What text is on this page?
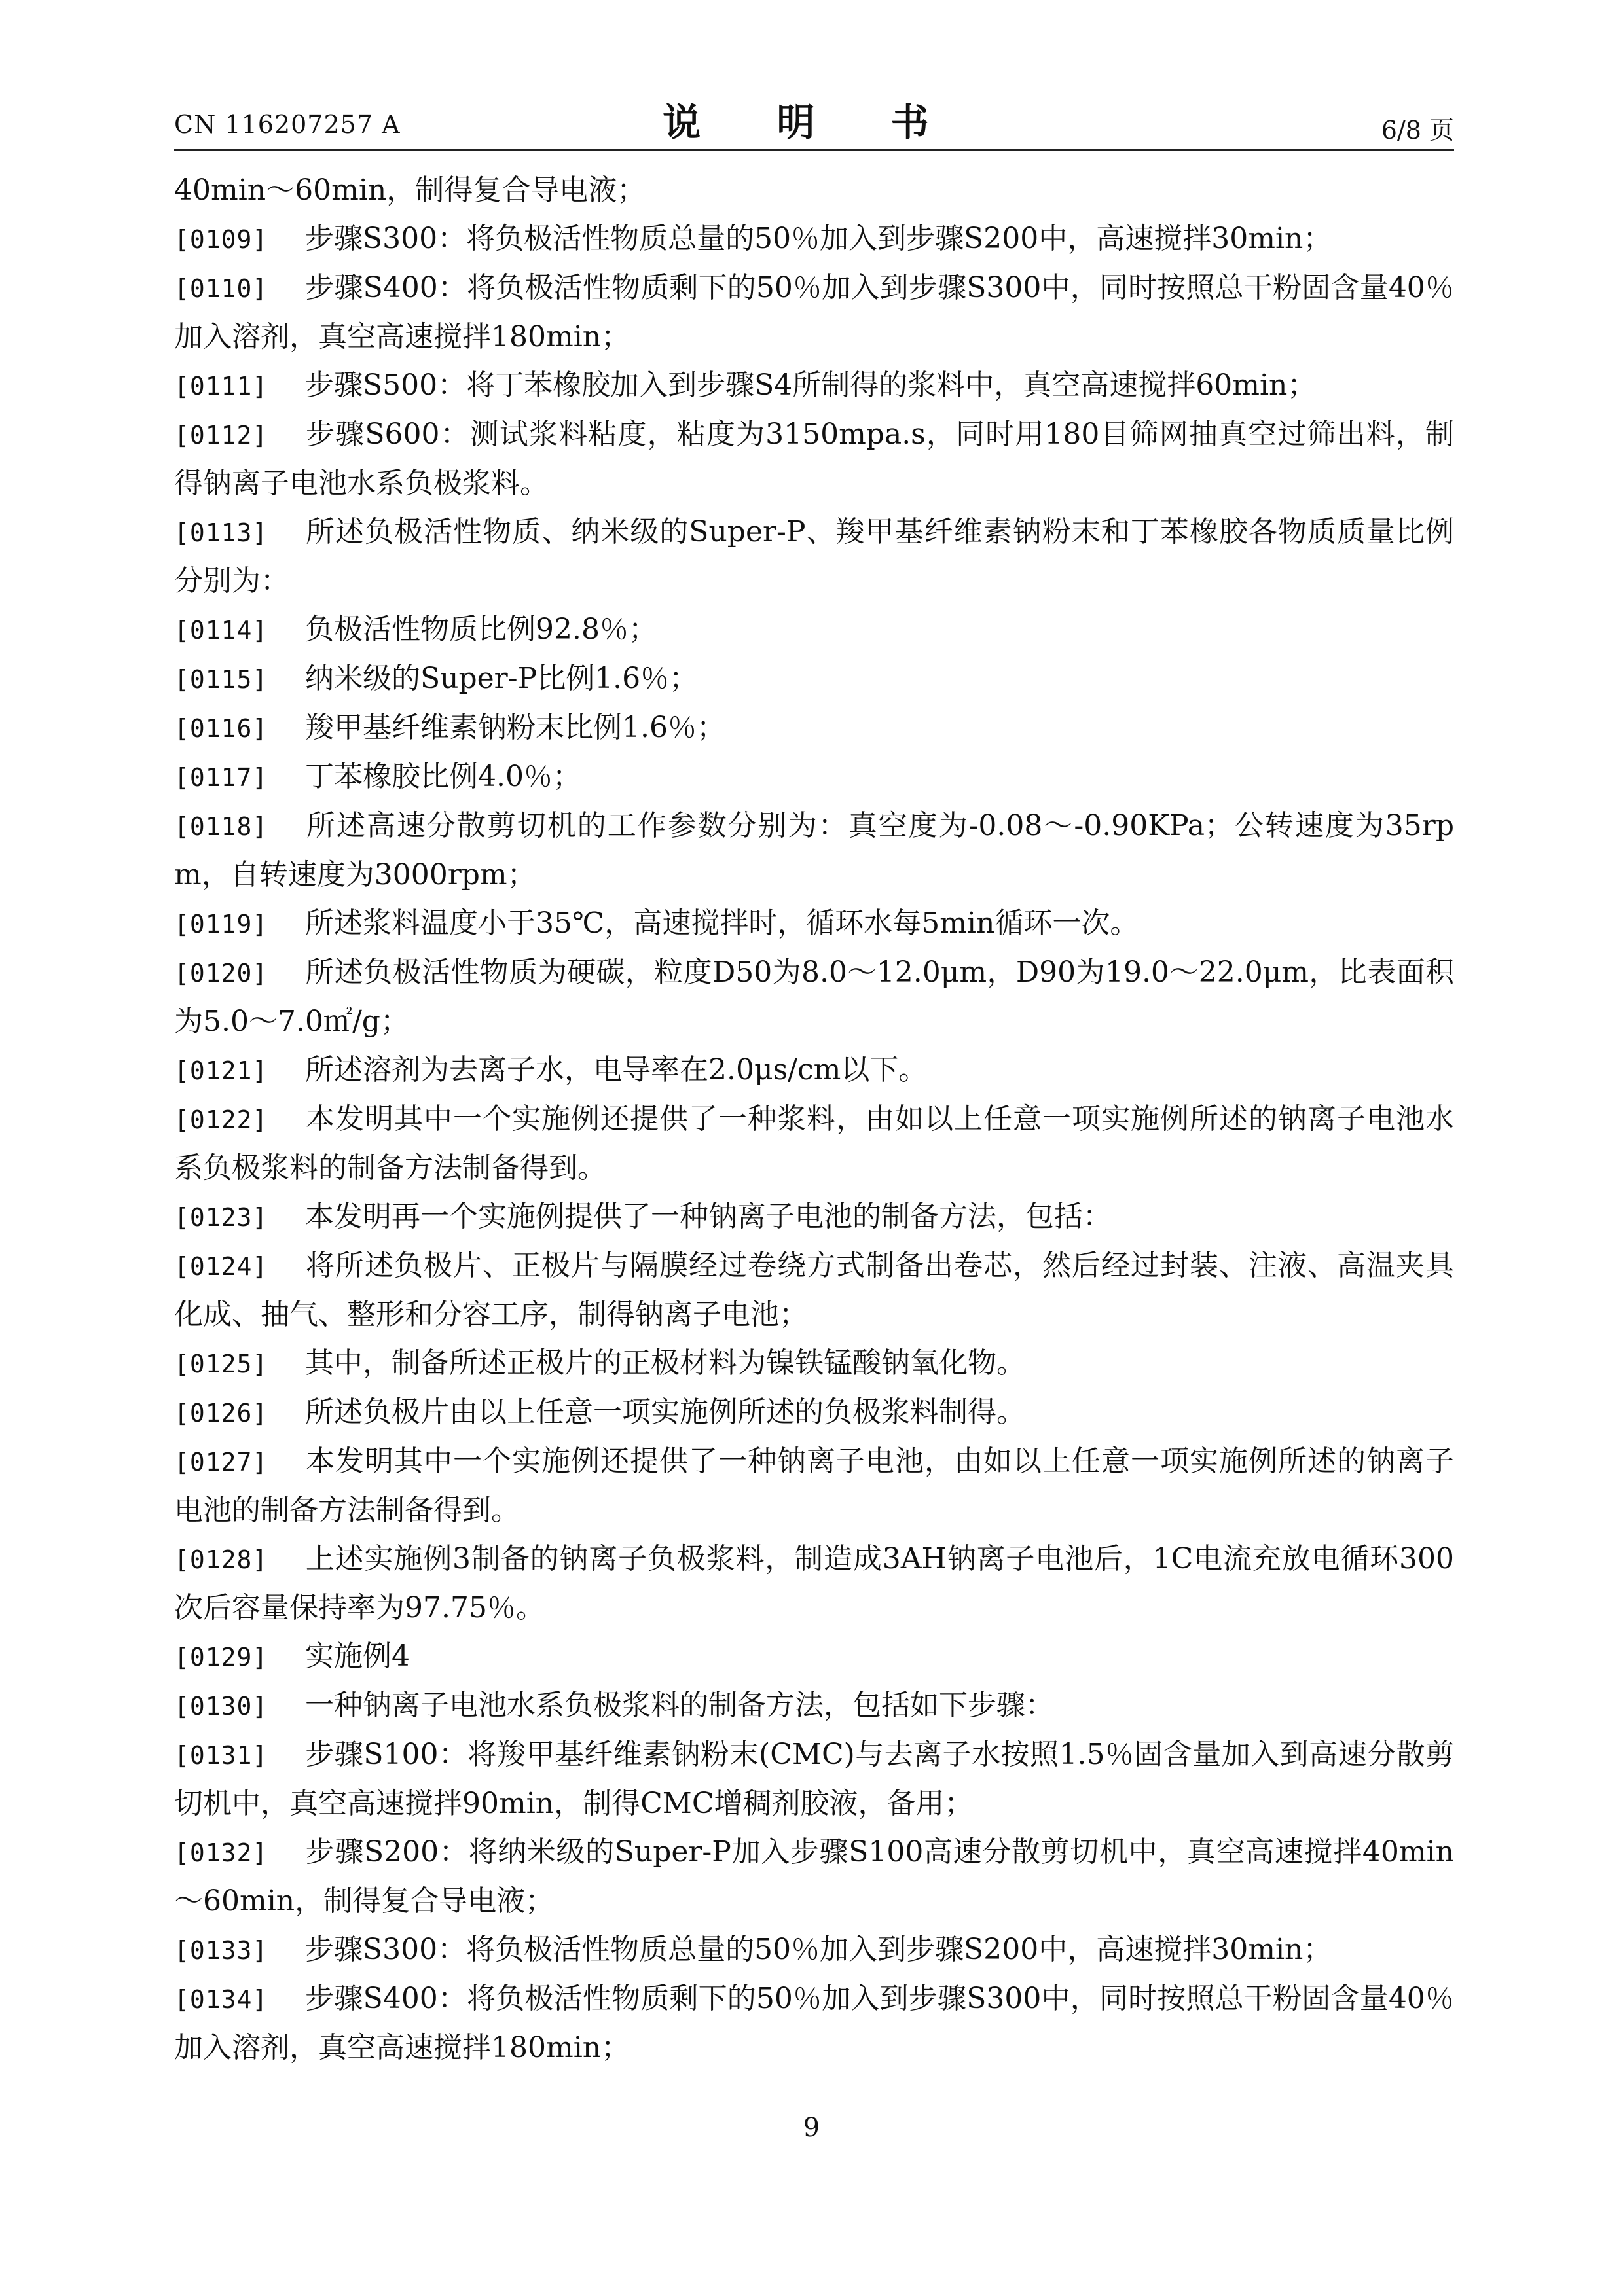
CN 116207257 A	说 明 书	6/8 页

40min～60min，制得复合导电液；

[0109] 步骤S300：将负极活性物质总量的50％加入到步骤S200中，高速搅拌30min；

[0110] 步骤S400：将负极活性物质剩下的50％加入到步骤S300中，同时按照总干粉固含量40％加入溶剂，真空高速搅拌180min；

[0111] 步骤S500：将丁苯橡胶加入到步骤S4所制得的浆料中，真空高速搅拌60min；

[0112] 步骤S600：测试浆料粘度，粘度为3150mpa.s，同时用180目筛网抽真空过筛出料，制得钠离子电池水系负极浆料。

[0113] 所述负极活性物质、纳米级的Super-P、羧甲基纤维素钠粉末和丁苯橡胶各物质质量比例分别为：

[0114] 负极活性物质比例92.8％；

[0115] 纳米级的Super-P比例1.6％；

[0116] 羧甲基纤维素钠粉末比例1.6％；

[0117] 丁苯橡胶比例4.0％；

[0118] 所述高速分散剪切机的工作参数分别为：真空度为-0.08～-0.90KPa；公转速度为35rpm，自转速度为3000rpm；

[0119] 所述浆料温度小于35℃，高速搅拌时，循环水每5min循环一次。

[0120] 所述负极活性物质为硬碳，粒度D50为8.0～12.0μm，D90为19.0～22.0μm，比表面积为5.0～7.0㎡/g；

[0121] 所述溶剂为去离子水，电导率在2.0μs/cm以下。

[0122] 本发明其中一个实施例还提供了一种浆料，由如以上任意一项实施例所述的钠离子电池水系负极浆料的制备方法制备得到。

[0123] 本发明再一个实施例提供了一种钠离子电池的制备方法，包括：

[0124] 将所述负极片、正极片与隔膜经过卷绕方式制备出卷芯，然后经过封装、注液、高温夹具化成、抽气、整形和分容工序，制得钠离子电池；

[0125] 其中，制备所述正极片的正极材料为镍铁锰酸钠氧化物。

[0126] 所述负极片由以上任意一项实施例所述的负极浆料制得。

[0127] 本发明其中一个实施例还提供了一种钠离子电池，由如以上任意一项实施例所述的钠离子电池的制备方法制备得到。

[0128] 上述实施例3制备的钠离子负极浆料，制造成3AH钠离子电池后，1C电流充放电循环300次后容量保持率为97.75％。

[0129] 实施例4

[0130] 一种钠离子电池水系负极浆料的制备方法，包括如下步骤：

[0131] 步骤S100：将羧甲基纤维素钠粉末(CMC)与去离子水按照1.5％固含量加入到高速分散剪切机中，真空高速搅拌90min，制得CMC增稠剂胶液，备用；

[0132] 步骤S200：将纳米级的Super-P加入步骤S100高速分散剪切机中，真空高速搅拌40min～60min，制得复合导电液；

[0133] 步骤S300：将负极活性物质总量的50％加入到步骤S200中，高速搅拌30min；

[0134] 步骤S400：将负极活性物质剩下的50％加入到步骤S300中，同时按照总干粉固含量40％加入溶剂，真空高速搅拌180min；

9
